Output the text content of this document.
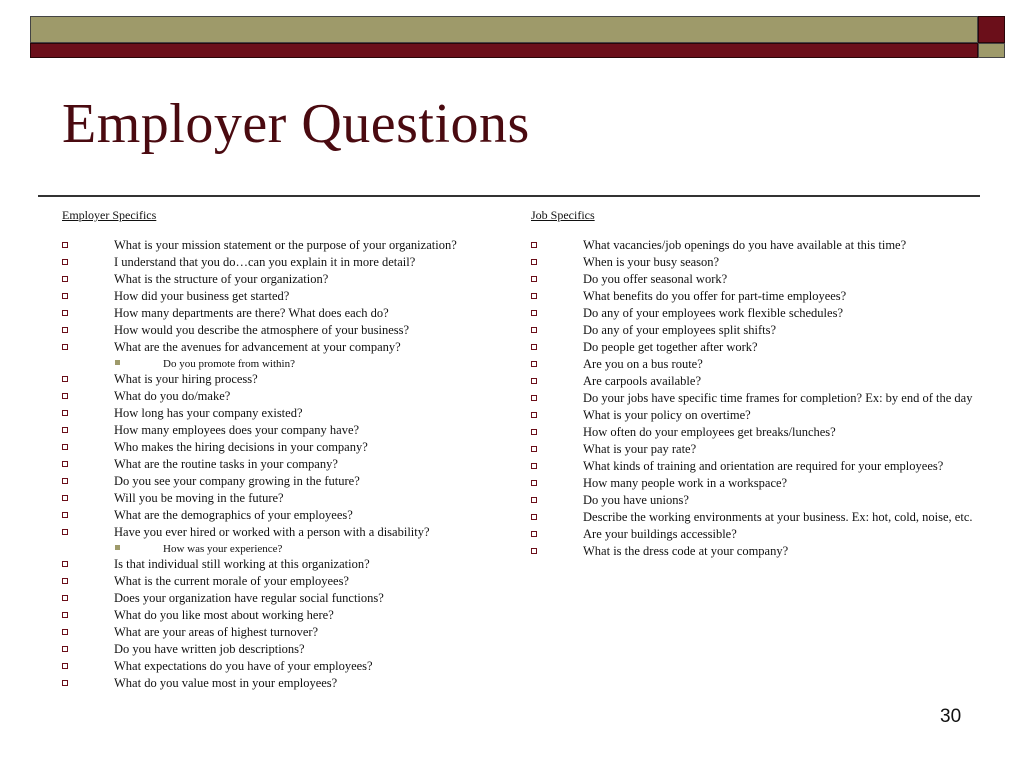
Employer Questions
Employer Specifics
What is your mission statement or the purpose of your organization?
I understand that you do…can you explain it in more detail?
What is the structure of your organization?
How did your business get started?
How many departments are there? What does each do?
How would you describe the atmosphere of your business?
What are the avenues for advancement at your company?
Do you promote from within?
What is your hiring process?
What do you do/make?
How long has your company existed?
How many employees does your company have?
Who makes the hiring decisions in your company?
What are the routine tasks in your company?
Do you see your company growing in the future?
Will you be moving in the future?
What are the demographics of your employees?
Have you ever hired or worked with a person with a disability?
How was your experience?
Is that individual still working at this organization?
What is the current morale of your employees?
Does your organization have regular social functions?
What do you like most about working here?
What are your areas of highest turnover?
Do you have written job descriptions?
What expectations do you have of your employees?
What do you value most in your employees?
Job Specifics
What vacancies/job openings do you have available at this time?
When is your busy season?
Do you offer seasonal work?
What benefits do you offer for part-time employees?
Do any of your employees work flexible schedules?
Do any of your employees split shifts?
Do people get together after work?
Are you on a bus route?
Are carpools available?
Do your jobs have specific time frames for completion? Ex: by end of the day
What is your policy on overtime?
How often do your employees get breaks/lunches?
What is your pay rate?
What kinds of training and orientation are required for your employees?
How many people work in a workspace?
Do you have unions?
Describe the working environments at your business. Ex: hot, cold, noise, etc.
Are your buildings accessible?
What is the dress code at your company?
30
